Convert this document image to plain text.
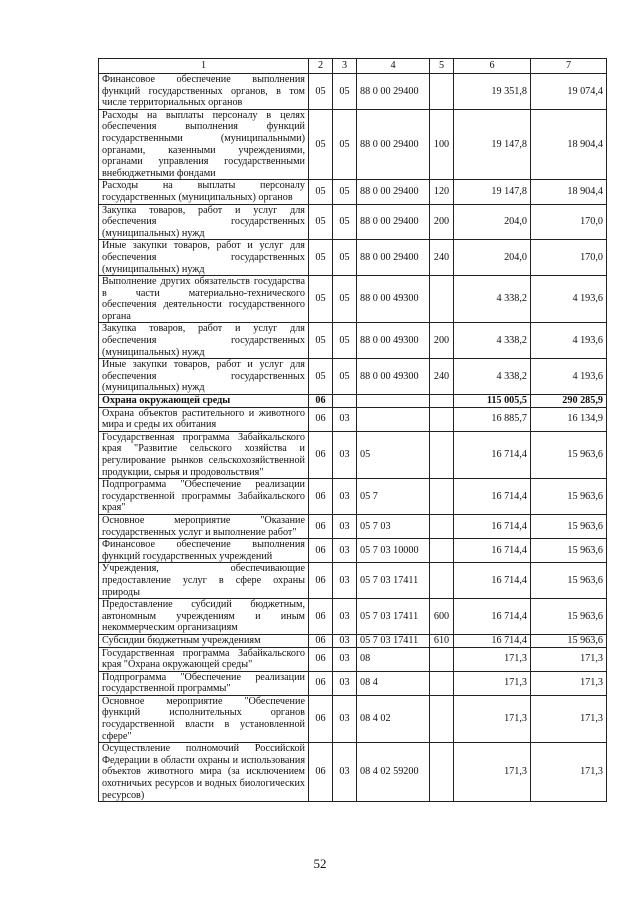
1	2	3	4	5	6	7
Финансовое обеспечение выполнения функций государственных органов, в том числе территориальных органов	05	05	88 0 00 29400		19 351,8	19 074,4
Расходы на выплаты персоналу в целях обеспечения выполнения функций государственными (муниципальными) органами, казенными учреждениями, органами управления государственными внебюджетными фондами	05	05	88 0 00 29400	100	19 147,8	18 904,4
Расходы на выплаты персоналу государственных (муниципальных) органов	05	05	88 0 00 29400	120	19 147,8	18 904,4
Закупка товаров, работ и услуг для обеспечения государственных (муниципальных) нужд	05	05	88 0 00 29400	200	204,0	170,0
Иные закупки товаров, работ и услуг для обеспечения государственных (муниципальных) нужд	05	05	88 0 00 29400	240	204,0	170,0
Выполнение других обязательств государства в части материально-технического обеспечения деятельности государственного органа	05	05	88 0 00 49300		4 338,2	4 193,6
Закупка товаров, работ и услуг для обеспечения государственных (муниципальных) нужд	05	05	88 0 00 49300	200	4 338,2	4 193,6
Иные закупки товаров, работ и услуг для обеспечения государственных (муниципальных) нужд	05	05	88 0 00 49300	240	4 338,2	4 193,6
Охрана окружающей среды	06				115 005,5	290 285,9
Охрана объектов растительного и животного мира и среды их обитания	06	03			16 885,7	16 134,9
Государственная программа Забайкальского края "Развитие сельского хозяйства и регулирование рынков сельскохозяйственной продукции, сырья и продовольствия"	06	03	05		16 714,4	15 963,6
Подпрограмма "Обеспечение реализации государственной программы Забайкальского края"	06	03	05 7		16 714,4	15 963,6
Основное мероприятие "Оказание государственных услуг и выполнение работ"	06	03	05 7 03		16 714,4	15 963,6
Финансовое обеспечение выполнения функций государственных учреждений	06	03	05 7 03 10000		16 714,4	15 963,6
Учреждения, обеспечивающие предоставление услуг в сфере охраны природы	06	03	05 7 03 17411		16 714,4	15 963,6
Предоставление субсидий бюджетным, автономным учреждениям и иным некоммерческим организациям	06	03	05 7 03 17411	600	16 714,4	15 963,6
Субсидии бюджетным учреждениям	06	03	05 7 03 17411	610	16 714,4	15 963,6
Государственная программа Забайкальского края "Охрана окружающей среды"	06	03	08		171,3	171,3
Подпрограмма "Обеспечение реализации государственной программы"	06	03	08 4		171,3	171,3
Основное мероприятие "Обеспечение функций исполнительных органов государственной власти в установленной сфере"	06	03	08 4 02		171,3	171,3
Осуществление полномочий Российской Федерации в области охраны и использования объектов животного мира (за исключением охотничьих ресурсов и водных биологических ресурсов)	06	03	08 4 02 59200		171,3	171,3
52
